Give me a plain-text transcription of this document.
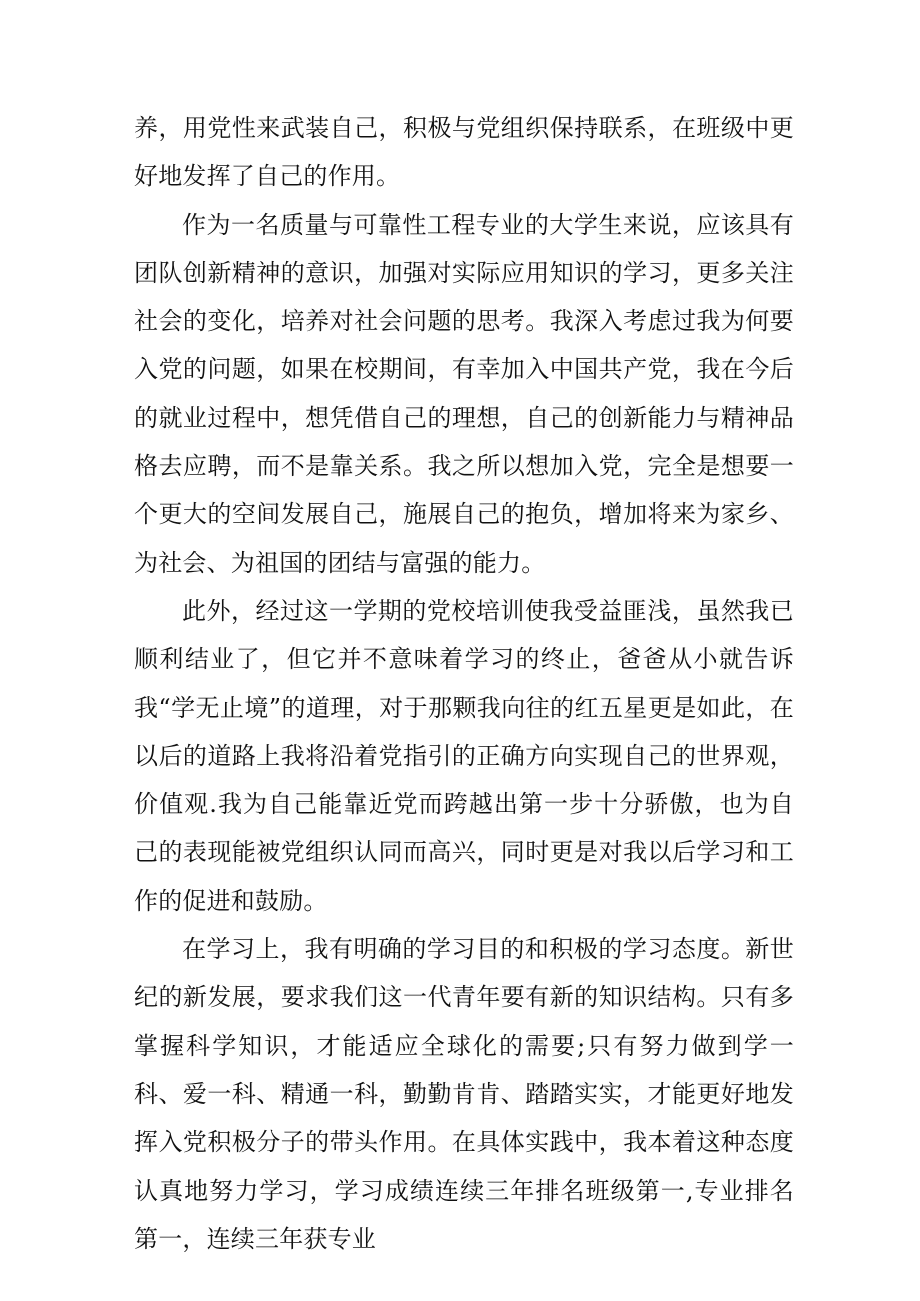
养，用党性来武装自己，积极与党组织保持联系，在班级中更好地发挥了自己的作用。

作为一名质量与可靠性工程专业的大学生来说，应该具有团队创新精神的意识，加强对实际应用知识的学习，更多关注社会的变化，培养对社会问题的思考。我深入考虑过我为何要入党的问题，如果在校期间，有幸加入中国共产党，我在今后的就业过程中，想凭借自己的理想，自己的创新能力与精神品格去应聘，而不是靠关系。我之所以想加入党，完全是想要一个更大的空间发展自己，施展自己的抱负，增加将来为家乡、为社会、为祖国的团结与富强的能力。

此外，经过这一学期的党校培训使我受益匪浅，虽然我已顺利结业了，但它并不意味着学习的终止，爸爸从小就告诉我“学无止境”的道理，对于那颗我向往的红五星更是如此，在以后的道路上我将沿着党指引的正确方向实现自己的世界观，价值观.我为自己能靠近党而跨越出第一步十分骄傲，也为自己的表现能被党组织认同而高兴，同时更是对我以后学习和工作的促进和鼓励。

在学习上，我有明确的学习目的和积极的学习态度。新世纪的新发展，要求我们这一代青年要有新的知识结构。只有多掌握科学知识，才能适应全球化的需要;只有努力做到学一科、爱一科、精通一科，勤勤肯肯、踏踏实实，才能更好地发挥入党积极分子的带头作用。在具体实践中，我本着这种态度认真地努力学习，学习成绩连续三年排名班级第一,专业排名第一，连续三年获专业
